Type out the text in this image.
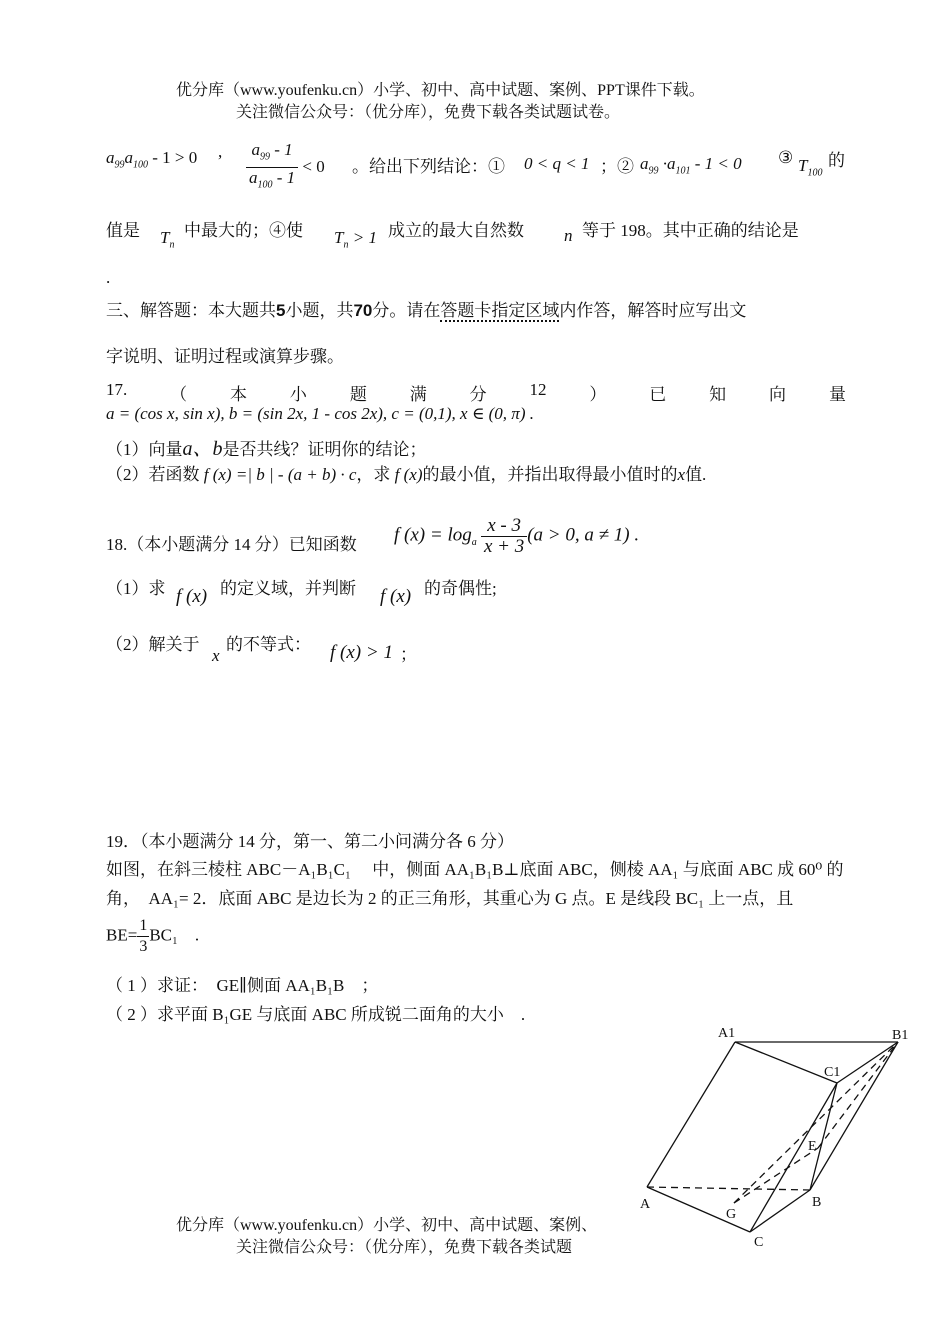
优分库（www.youfenku.cn）小学、初中、高中试题、案例、PPT课件下载。
关注微信公众号：（优分库），免费下载各类试题试卷。
$a_{99}a_{100} - 1 > 0$ , $\frac{a_{99} - 1}{a_{100} - 1} < 0$ 。给出下列结论：① 0 < q < 1 ；② $a_{99} \cdot a_{101} - 1 < 0$ ③ $T_{100}$
的
值是 $T_n$
中最大的；④使 $T_n > 1$ 成立的最大自然数 n 等于 198。其中正确的结论是
.
三、解答题：本大题共5小题，共70分。请在答题卡指定区域内作答，解答时应写出文
字说明、证明过程或演算步骤。
17.	（	本	小	题	满	分	12	）	已	知	向	量
a = (cos x, sin x), b = (sin 2x, 1 - cos 2x), c = (0,1), x ∈ (0, π) .
（1）向量a、b是否共线？证明你的结论；
（2）若函数 f (x) =| b | - (a + b) · c，求 f (x)的最小值，并指出取得最小值时的x值.
18.（本小题满分 14 分）已知函数 f $(x) = \log_a \frac{x - 3}{x + 3} (a > 0$, a ≠ 1) .
（1）求 f (x) 的定义域，并判断 f (x) 的奇偶性;
（2）解关于
x
的不等式： f (x) > 1 ；
19．（本小题满分 14 分，第一、第二小问满分各 6 分）
如图，在斜三棱柱 ABC－A₁B₁C₁　 中，侧面 AA₁B₁B⊥底面 ABC，侧棱 AA₁ 与底面 ABC 成 60⁰ 的
角，　AA₁= 2．底面 ABC 是边长为 2 的正三角形，其重心为 G 点。E 是线段 BC₁ 上一点，且
$BE= \frac{1}{3} BC_1$　.
（ 1 ）求证：　GE∥侧面 AA₁B₁B　；
（ 2 ）求平面 B₁GE 与底面 ABC 所成锐二面角的大小　.
A1	B1
C1
E
A	B
G
C
优分库（www.youfenku.cn）小学、初中、高中试题、案例、
关注微信公众号：（优分库），免费下载各类试题
